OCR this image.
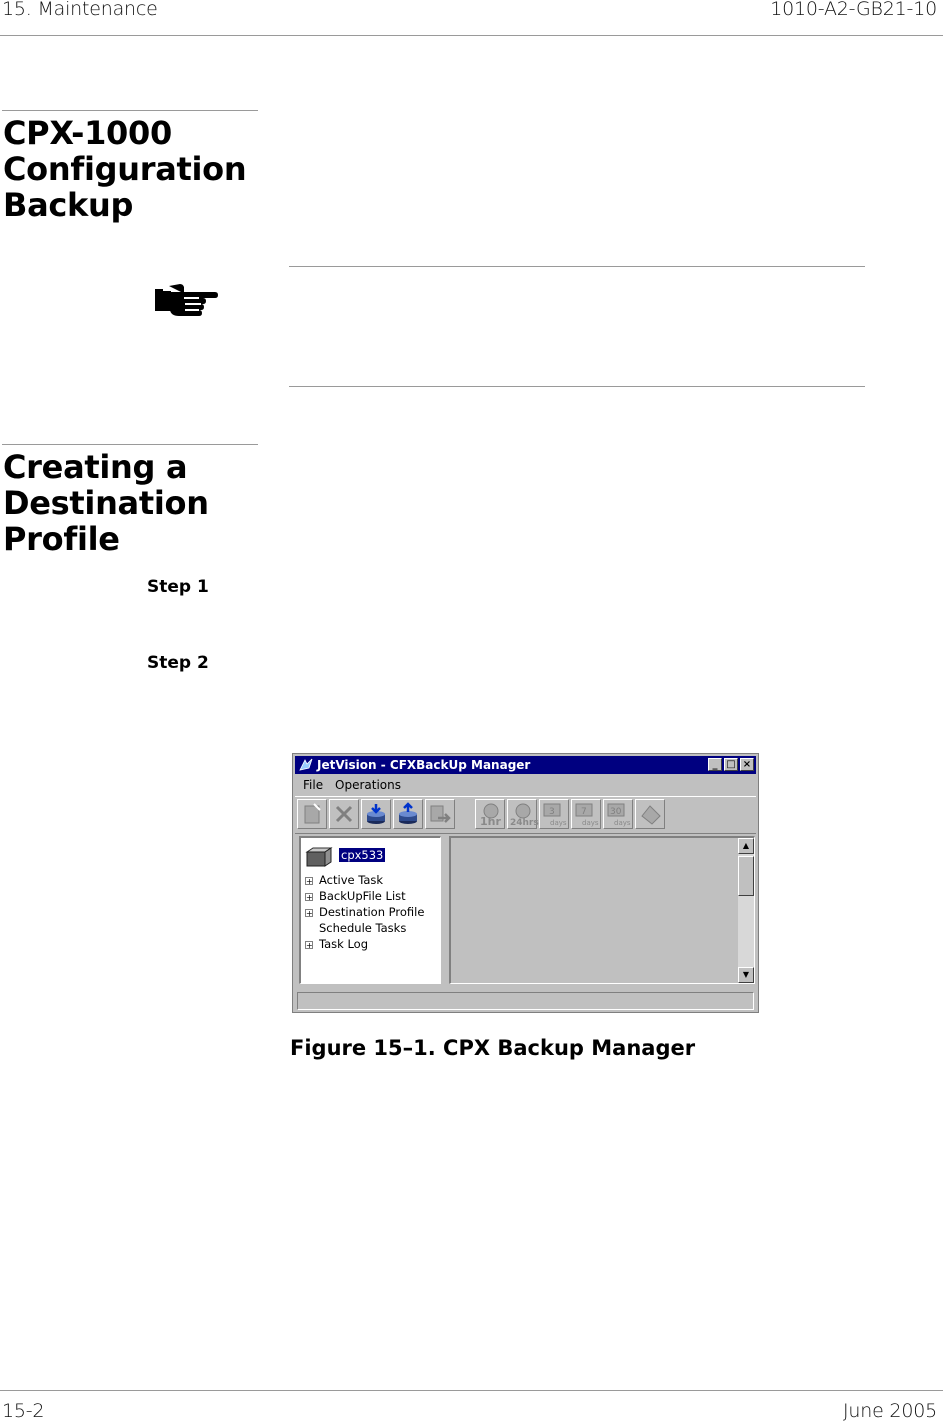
15. Maintenance	1010-A2-GB21-10
CPX-1000
Configuration
Backup
Creating a
Destination
Profile
Step 1
Step 2
JetVision - CFXBackUp Manager	_ □ ×
File Operations
1hr 24hrs
3
days
7
days
30
days
cpx533
+ Active Task
+ BackUpFile List
+ Destination Profile
Schedule Tasks
+ Task Log
▲
▼
Figure 15–1. CPX Backup Manager
15-2	June 2005
